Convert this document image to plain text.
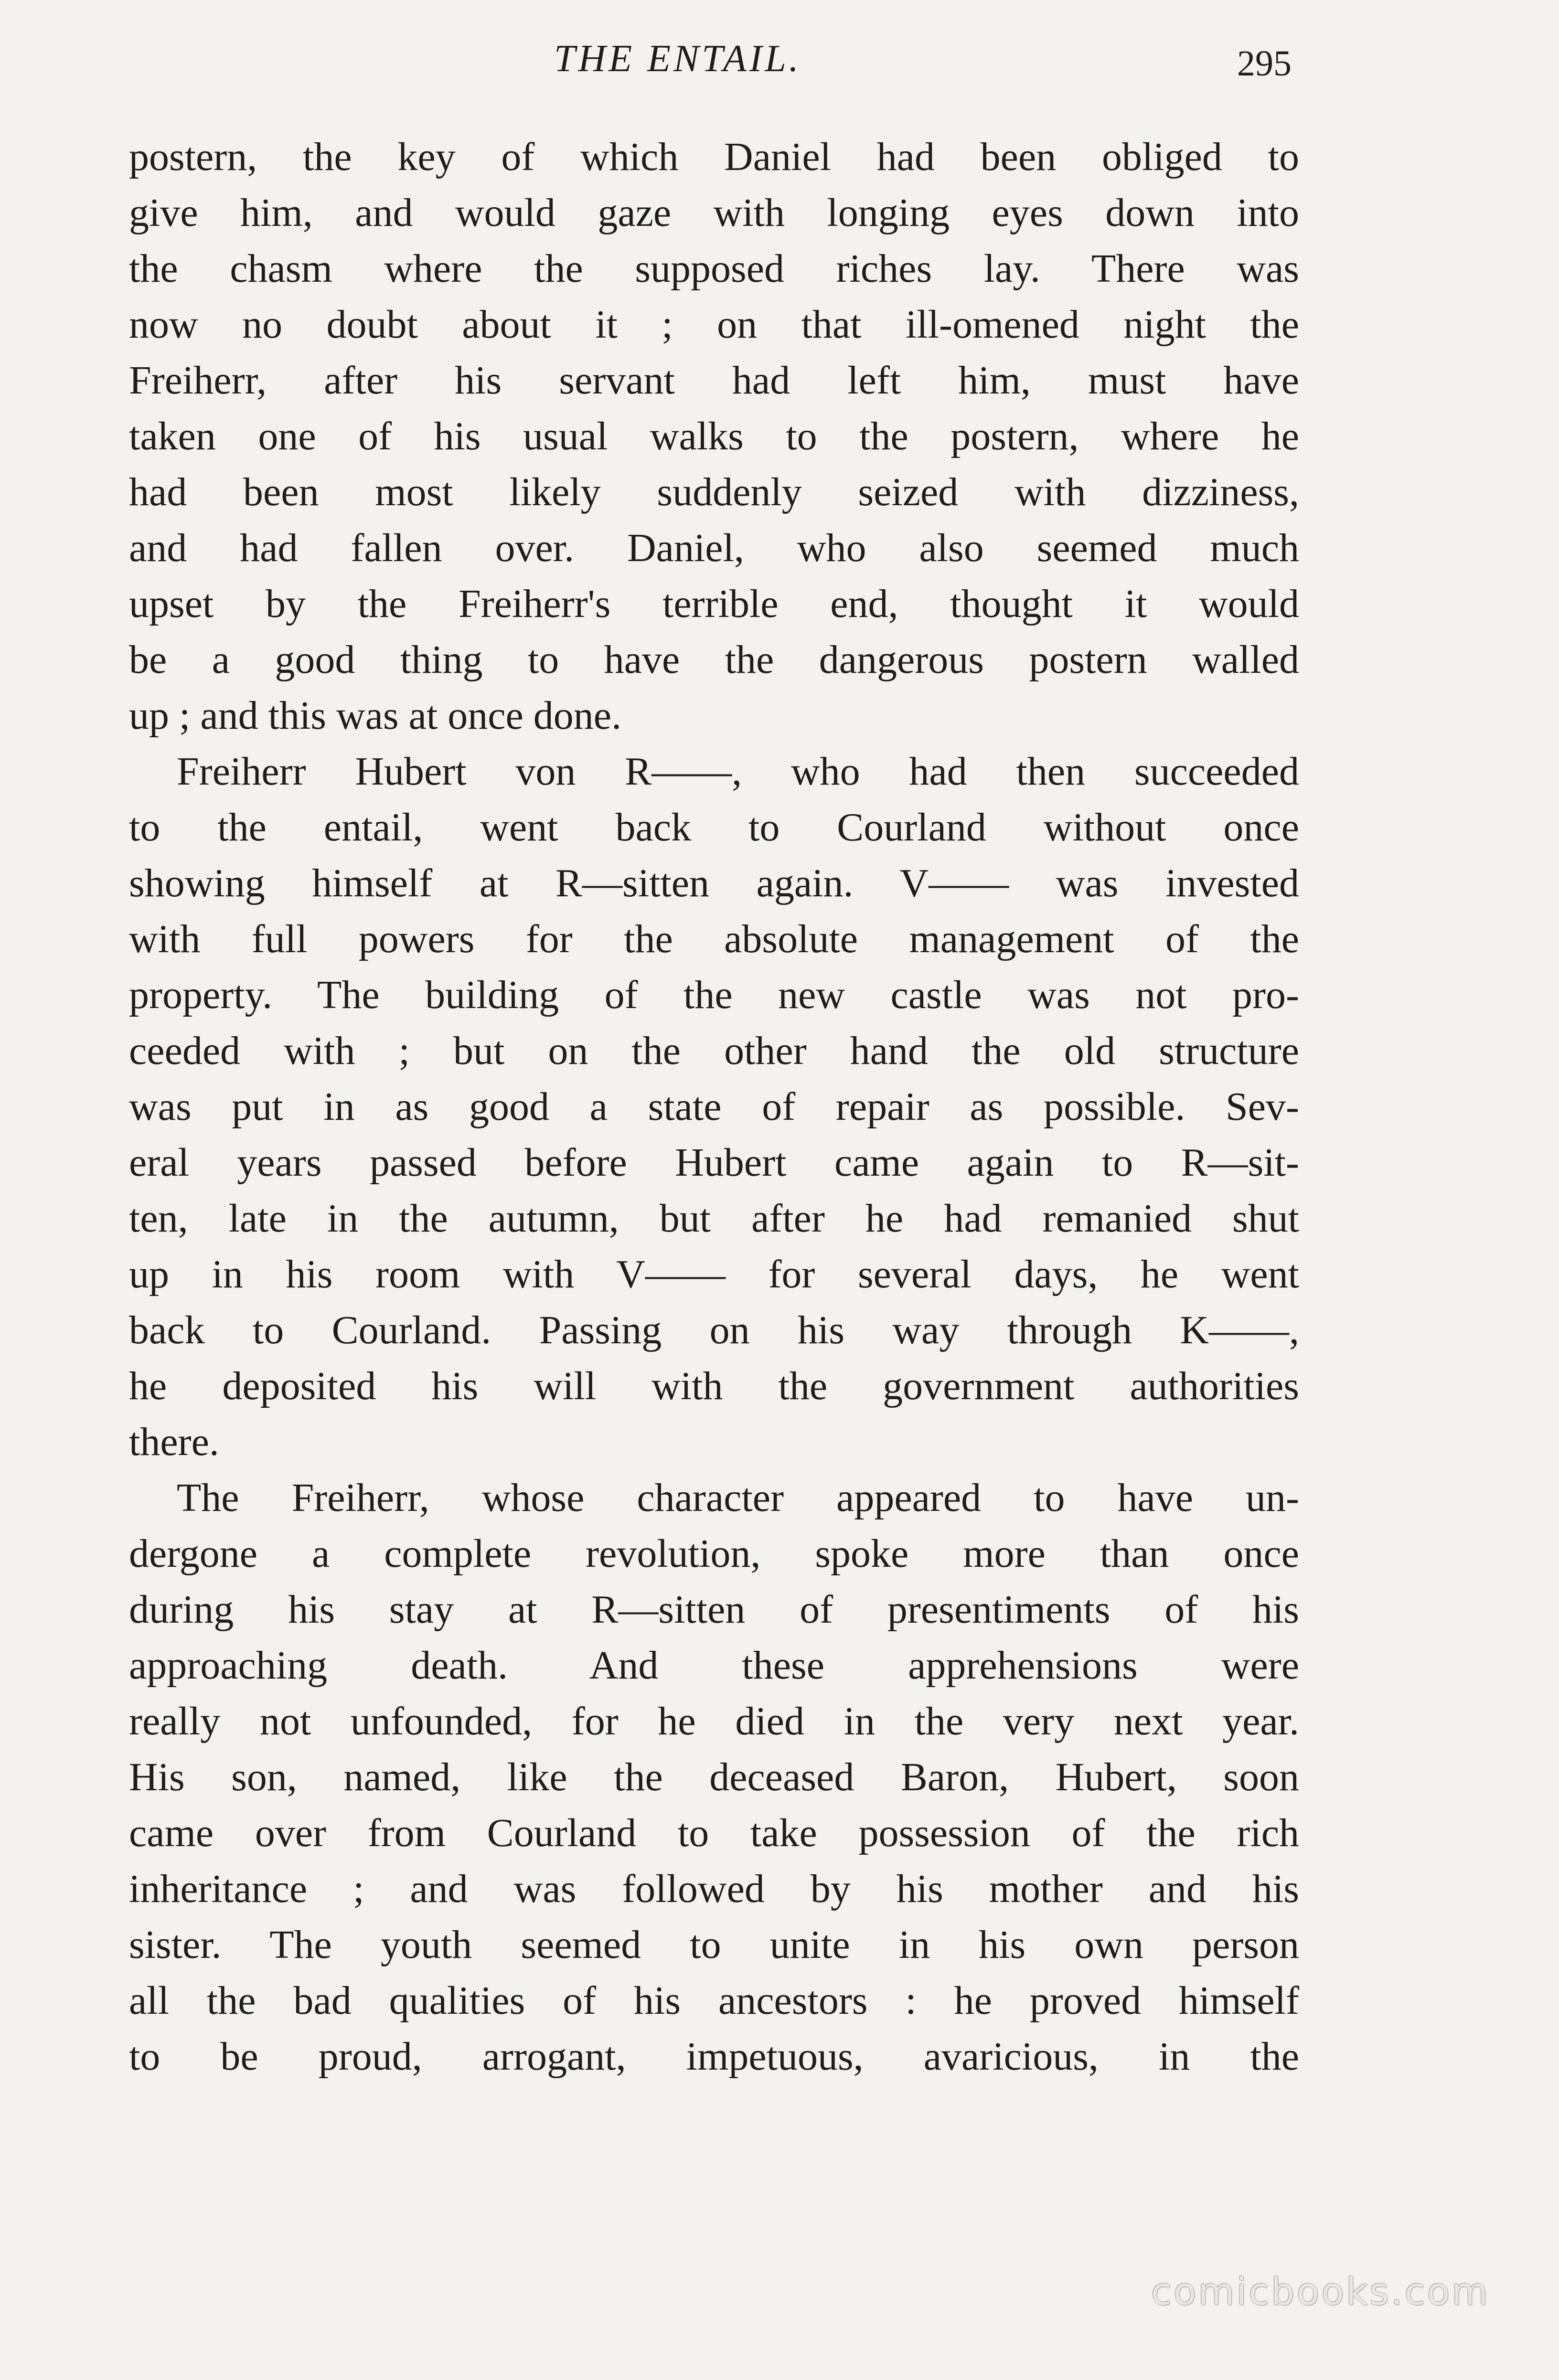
THE ENTAIL.	295
postern, the key of which Daniel had been obliged to
give him, and would gaze with longing eyes down into
the chasm where the supposed riches lay. There was
now no doubt about it ; on that ill-omened night the
Freiherr, after his servant had left him, must have
taken one of his usual walks to the postern, where he
had been most likely suddenly seized with dizziness,
and had fallen over. Daniel, who also seemed much
upset by the Freiherr's terrible end, thought it would
be a good thing to have the dangerous postern walled
up ; and this was at once done.
Freiherr Hubert von R——, who had then succeeded
to the entail, went back to Courland without once
showing himself at R—sitten again. V—— was invested
with full powers for the absolute management of the
property. The building of the new castle was not pro-
ceeded with ; but on the other hand the old structure
was put in as good a state of repair as possible. Sev-
eral years passed before Hubert came again to R—sit-
ten, late in the autumn, but after he had remanied shut
up in his room with V—— for several days, he went
back to Courland. Passing on his way through K——,
he deposited his will with the government authorities
there.
The Freiherr, whose character appeared to have un-
dergone a complete revolution, spoke more than once
during his stay at R—sitten of presentiments of his
approaching death. And these apprehensions were
really not unfounded, for he died in the very next year.
His son, named, like the deceased Baron, Hubert, soon
came over from Courland to take possession of the rich
inheritance ; and was followed by his mother and his
sister. The youth seemed to unite in his own person
all the bad qualities of his ancestors : he proved himself
to be proud, arrogant, impetuous, avaricious, in the
comicbooks.com
